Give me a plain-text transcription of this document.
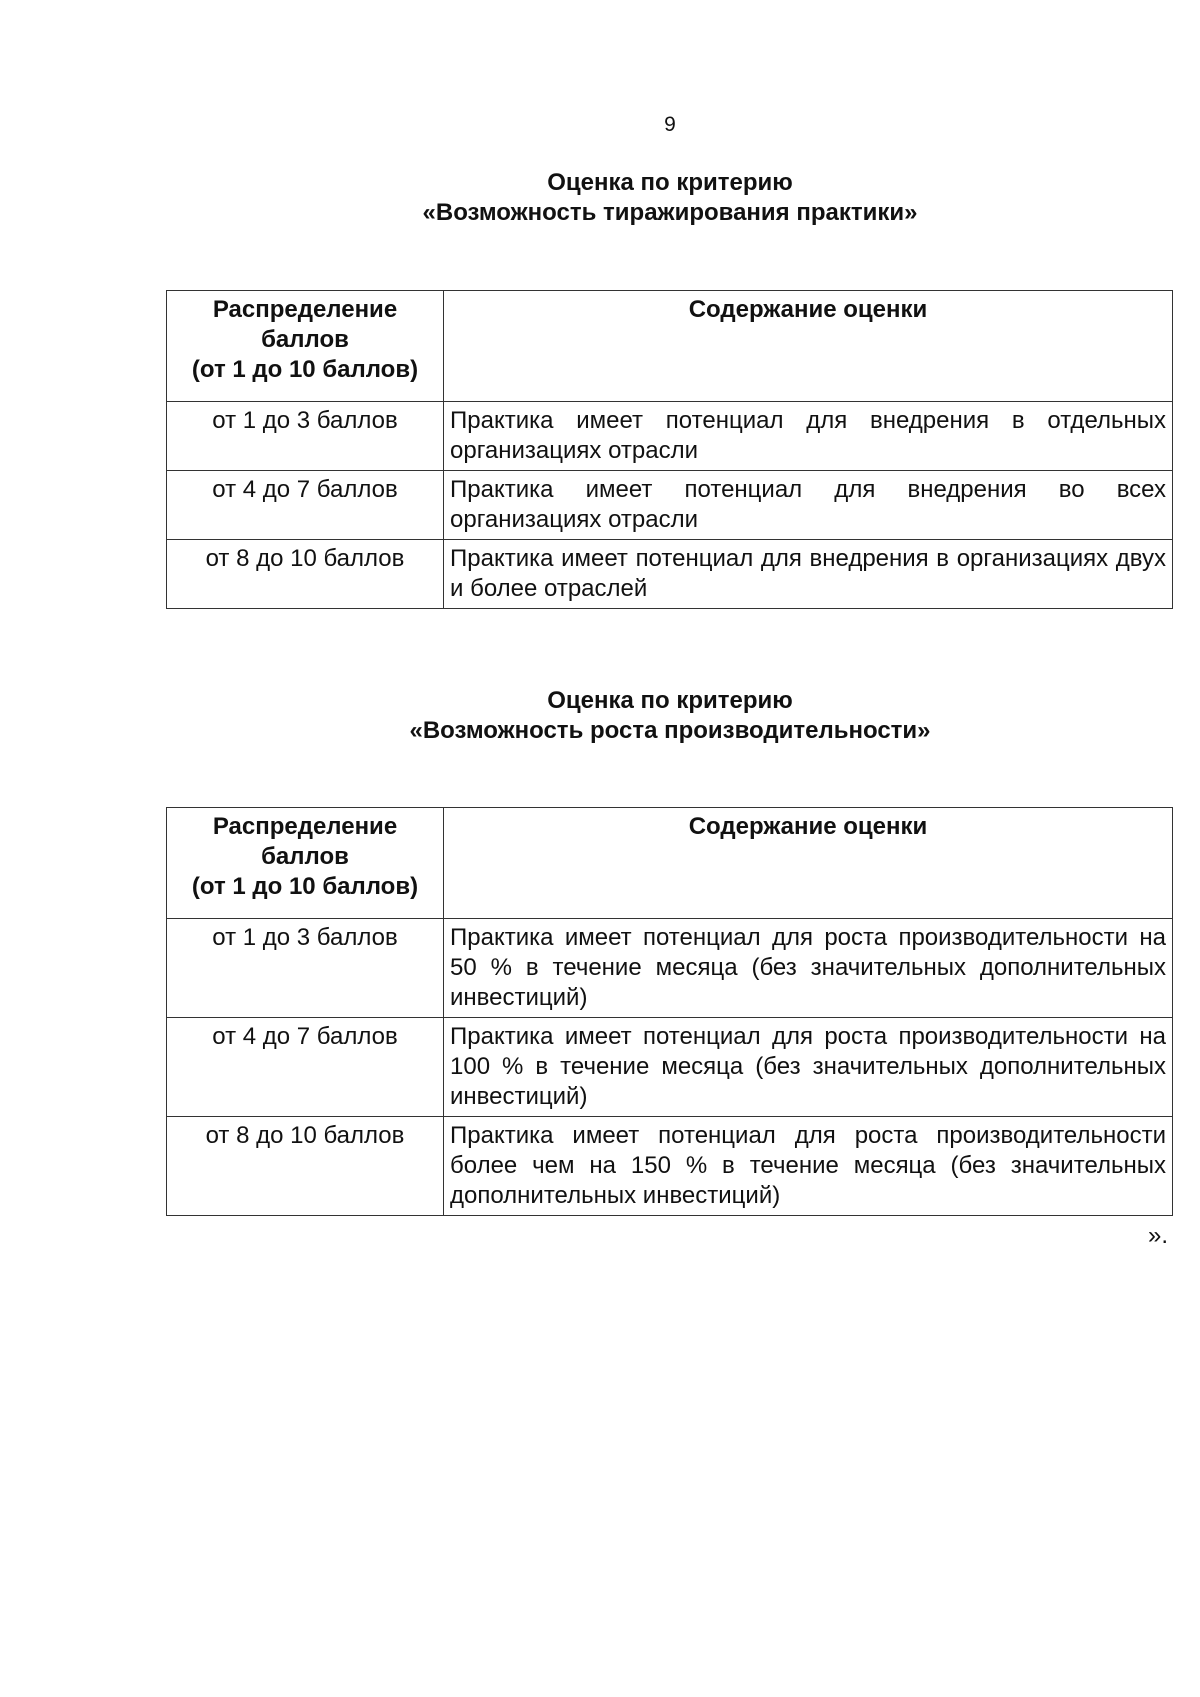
9
Оценка по критерию
«Возможность тиражирования практики»
Распределение
баллов
(от 1 до 10 баллов)	Содержание оценки
от 1 до 3 баллов	Практика имеет потенциал для внедрения в отдельных организациях отрасли
от 4 до 7 баллов	Практика имеет потенциал для внедрения во всех организациях отрасли
от 8 до 10 баллов	Практика имеет потенциал для внедрения в организациях двух и более отраслей
Оценка по критерию
«Возможность роста производительности»
Распределение
баллов
(от 1 до 10 баллов)	Содержание оценки
от 1 до 3 баллов	Практика имеет потенциал для роста производительности на 50 % в течение месяца (без значительных дополнительных инвестиций)
от 4 до 7 баллов	Практика имеет потенциал для роста производительности на 100 % в течение месяца (без значительных дополнительных инвестиций)
от 8 до 10 баллов	Практика имеет потенциал для роста производительности более чем на 150 % в течение месяца (без значительных дополнительных инвестиций)
».
